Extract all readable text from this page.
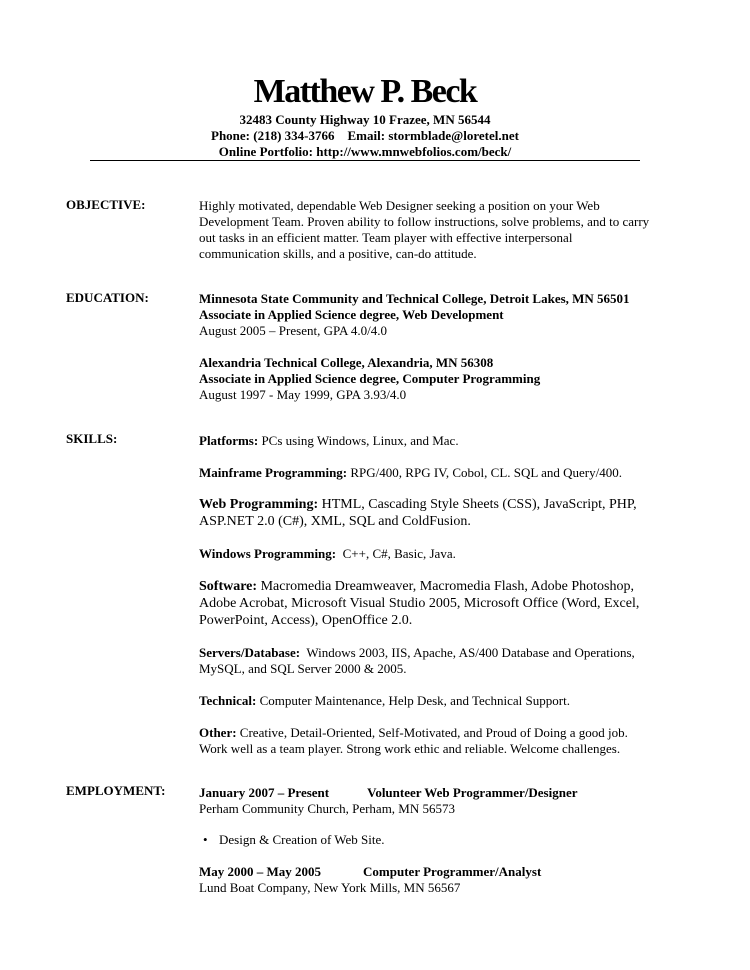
Matthew P. Beck
32483 County Highway 10 Frazee, MN 56544
Phone: (218) 334-3766 Email: stormblade@loretel.net
Online Portfolio: http://www.mnwebfolios.com/beck/
OBJECTIVE:	Highly motivated, dependable Web Designer seeking a position on your Web
Development Team. Proven ability to follow instructions, solve problems, and to carry
out tasks in an efficient matter. Team player with effective interpersonal
communication skills, and a positive, can-do attitude.
EDUCATION:	Minnesota State Community and Technical College, Detroit Lakes, MN 56501
Associate in Applied Science degree, Web Development
August 2005 – Present, GPA 4.0/4.0
Alexandria Technical College, Alexandria, MN 56308
Associate in Applied Science degree, Computer Programming
August 1997 - May 1999, GPA 3.93/4.0
SKILLS:	Platforms: PCs using Windows, Linux, and Mac.
Mainframe Programming: RPG/400, RPG IV, Cobol, CL. SQL and Query/400.
Web Programming: HTML, Cascading Style Sheets (CSS), JavaScript, PHP,
ASP.NET 2.0 (C#), XML, SQL and ColdFusion.
Windows Programming: C++, C#, Basic, Java.
Software: Macromedia Dreamweaver, Macromedia Flash, Adobe Photoshop,
Adobe Acrobat, Microsoft Visual Studio 2005, Microsoft Office (Word, Excel,
PowerPoint, Access), OpenOffice 2.0.
Servers/Database: Windows 2003, IIS, Apache, AS/400 Database and Operations,
MySQL, and SQL Server 2000 & 2005.
Technical: Computer Maintenance, Help Desk, and Technical Support.
Other: Creative, Detail-Oriented, Self-Motivated, and Proud of Doing a good job.
Work well as a team player. Strong work ethic and reliable. Welcome challenges.
EMPLOYMENT:	January 2007 – Present	Volunteer Web Programmer/Designer
Perham Community Church, Perham, MN 56573
• Design & Creation of Web Site.
May 2000 – May 2005	Computer Programmer/Analyst
Lund Boat Company, New York Mills, MN 56567
